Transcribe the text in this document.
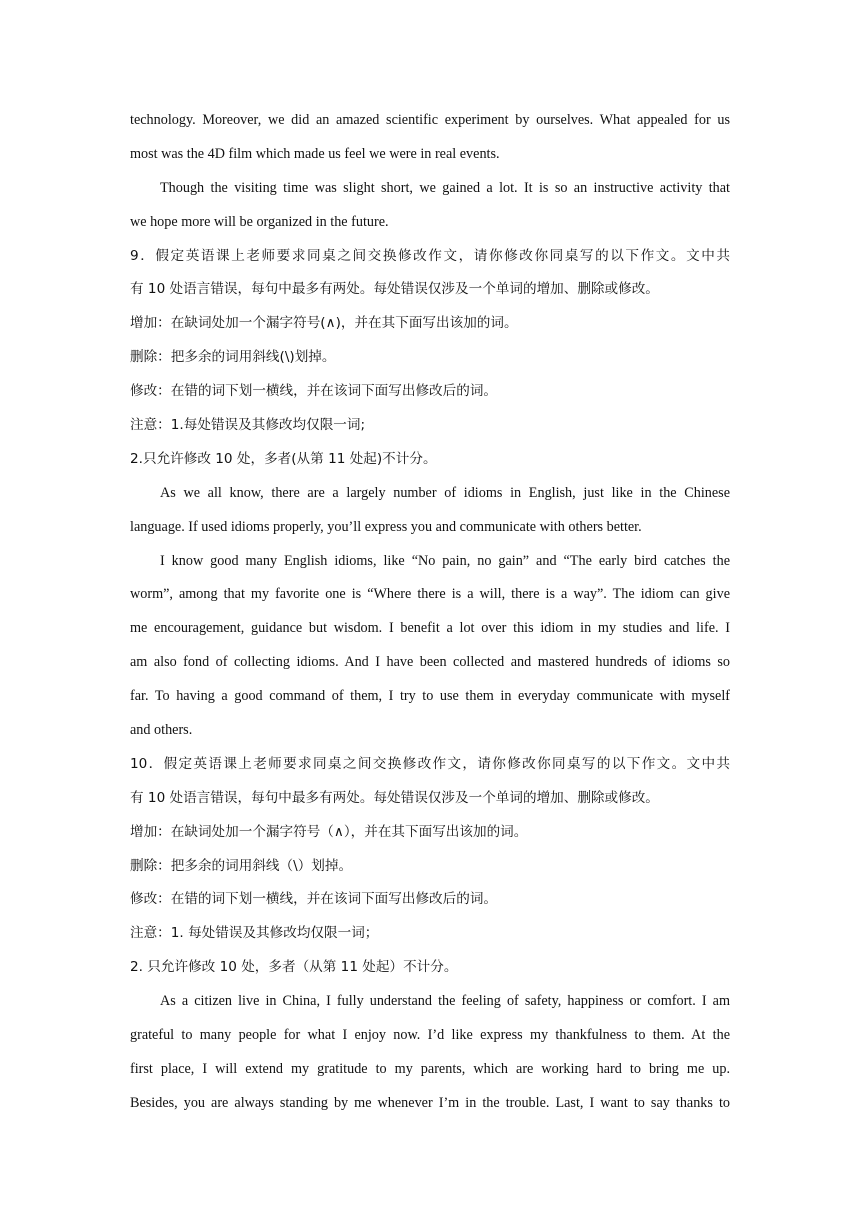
technology. Moreover, we did an amazed scientific experiment by ourselves. What appealed for us
most was the 4D film which made us feel we were in real events.
Though the visiting time was slight short, we gained a lot. It is so an instructive activity that
we hope more will be organized in the future.
9．假定英语课上老师要求同桌之间交换修改作文，请你修改你同桌写的以下作文。文中共
有 10 处语言错误，每句中最多有两处。每处错误仅涉及一个单词的增加、删除或修改。
增加：在缺词处加一个漏字符号(∧)，并在其下面写出该加的词。
删除：把多余的词用斜线(\)划掉。
修改：在错的词下划一横线，并在该词下面写出修改后的词。
注意：1.每处错误及其修改均仅限一词;
2.只允许修改 10 处，多者(从第 11 处起)不计分。
As we all know, there are a largely number of idioms in English, just like in the Chinese
language. If used idioms properly, you’ll express you and communicate with others better.
I know good many English idioms, like “No pain, no gain” and “The early bird catches the
worm”, among that my favorite one is “Where there is a will, there is a way”. The idiom can give
me encouragement, guidance but wisdom. I benefit a lot over this idiom in my studies and life. I
am also fond of collecting idioms. And I have been collected and mastered hundreds of idioms so
far. To having a good command of them, I try to use them in everyday communicate with myself
and others.
10．假定英语课上老师要求同桌之间交换修改作文，请你修改你同桌写的以下作文。文中共
有 10 处语言错误，每句中最多有两处。每处错误仅涉及一个单词的增加、删除或修改。
增加：在缺词处加一个漏字符号（∧），并在其下面写出该加的词。
删除：把多余的词用斜线（\）划掉。
修改：在错的词下划一横线，并在该词下面写出修改后的词。
注意：1. 每处错误及其修改均仅限一词；
2. 只允许修改 10 处，多者（从第 11 处起）不计分。
As a citizen live in China, I fully understand the feeling of safety, happiness or comfort. I am
grateful to many people for what I enjoy now. I’d like express my thankfulness to them. At the
first place, I will extend my gratitude to my parents, which are working hard to bring me up.
Besides, you are always standing by me whenever I’m in the trouble. Last, I want to say thanks to
